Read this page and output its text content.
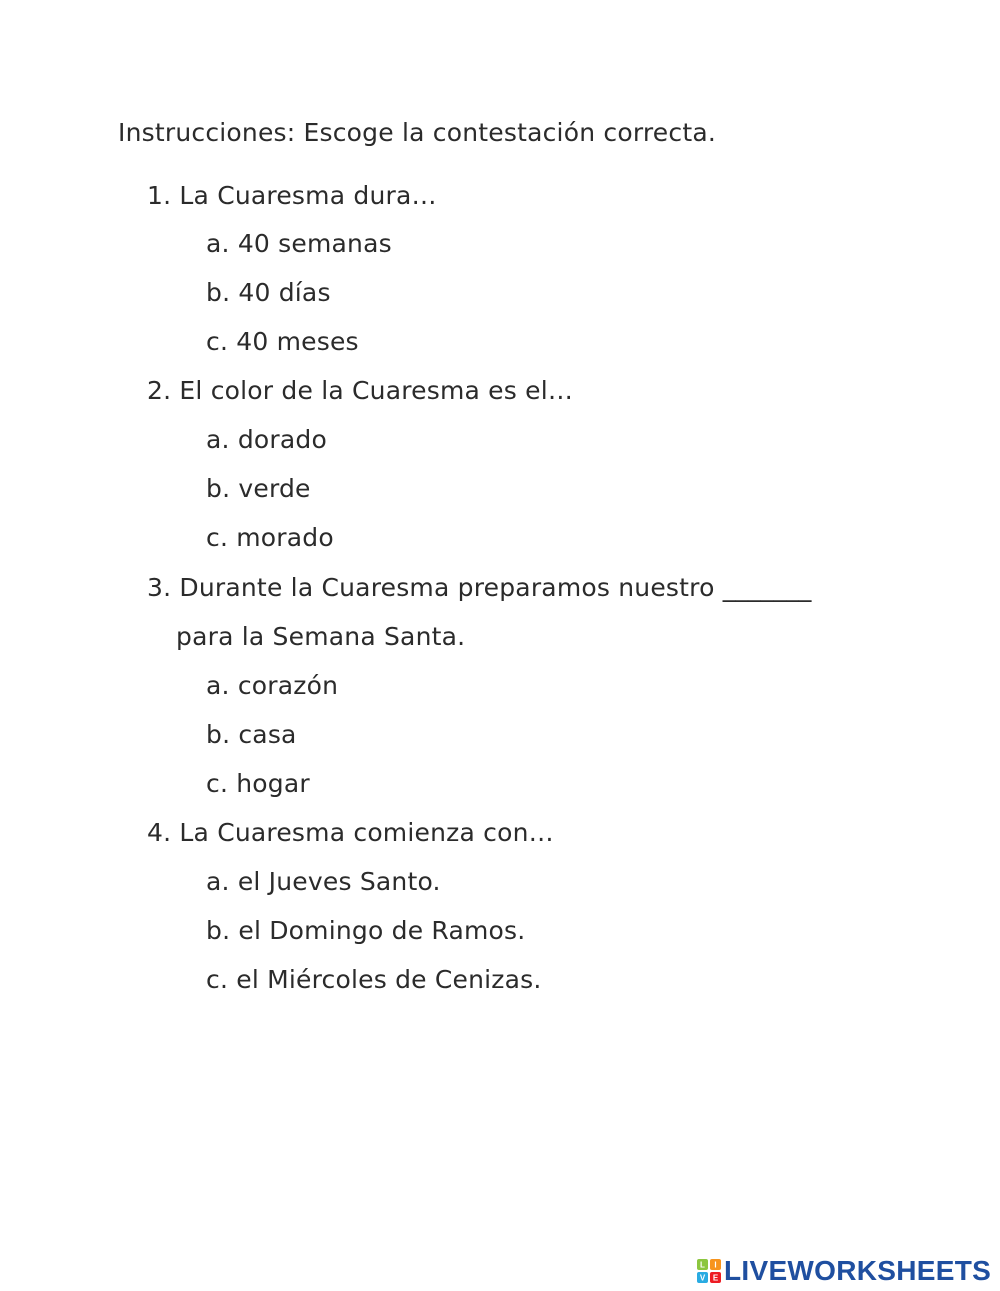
Instrucciones: Escoge la contestación correcta.
1. La Cuaresma dura…
a. 40 semanas
b. 40 días
c. 40 meses
2. El color de la Cuaresma es el…
a. dorado
b. verde
c. morado
3. Durante la Cuaresma preparamos nuestro _______
para la Semana Santa.
a. corazón
b. casa
c. hogar
4. La Cuaresma comienza con…
a. el Jueves Santo.
b. el Domingo de Ramos.
c. el Miércoles de Cenizas.
L I
V E LIVEWORKSHEETS
